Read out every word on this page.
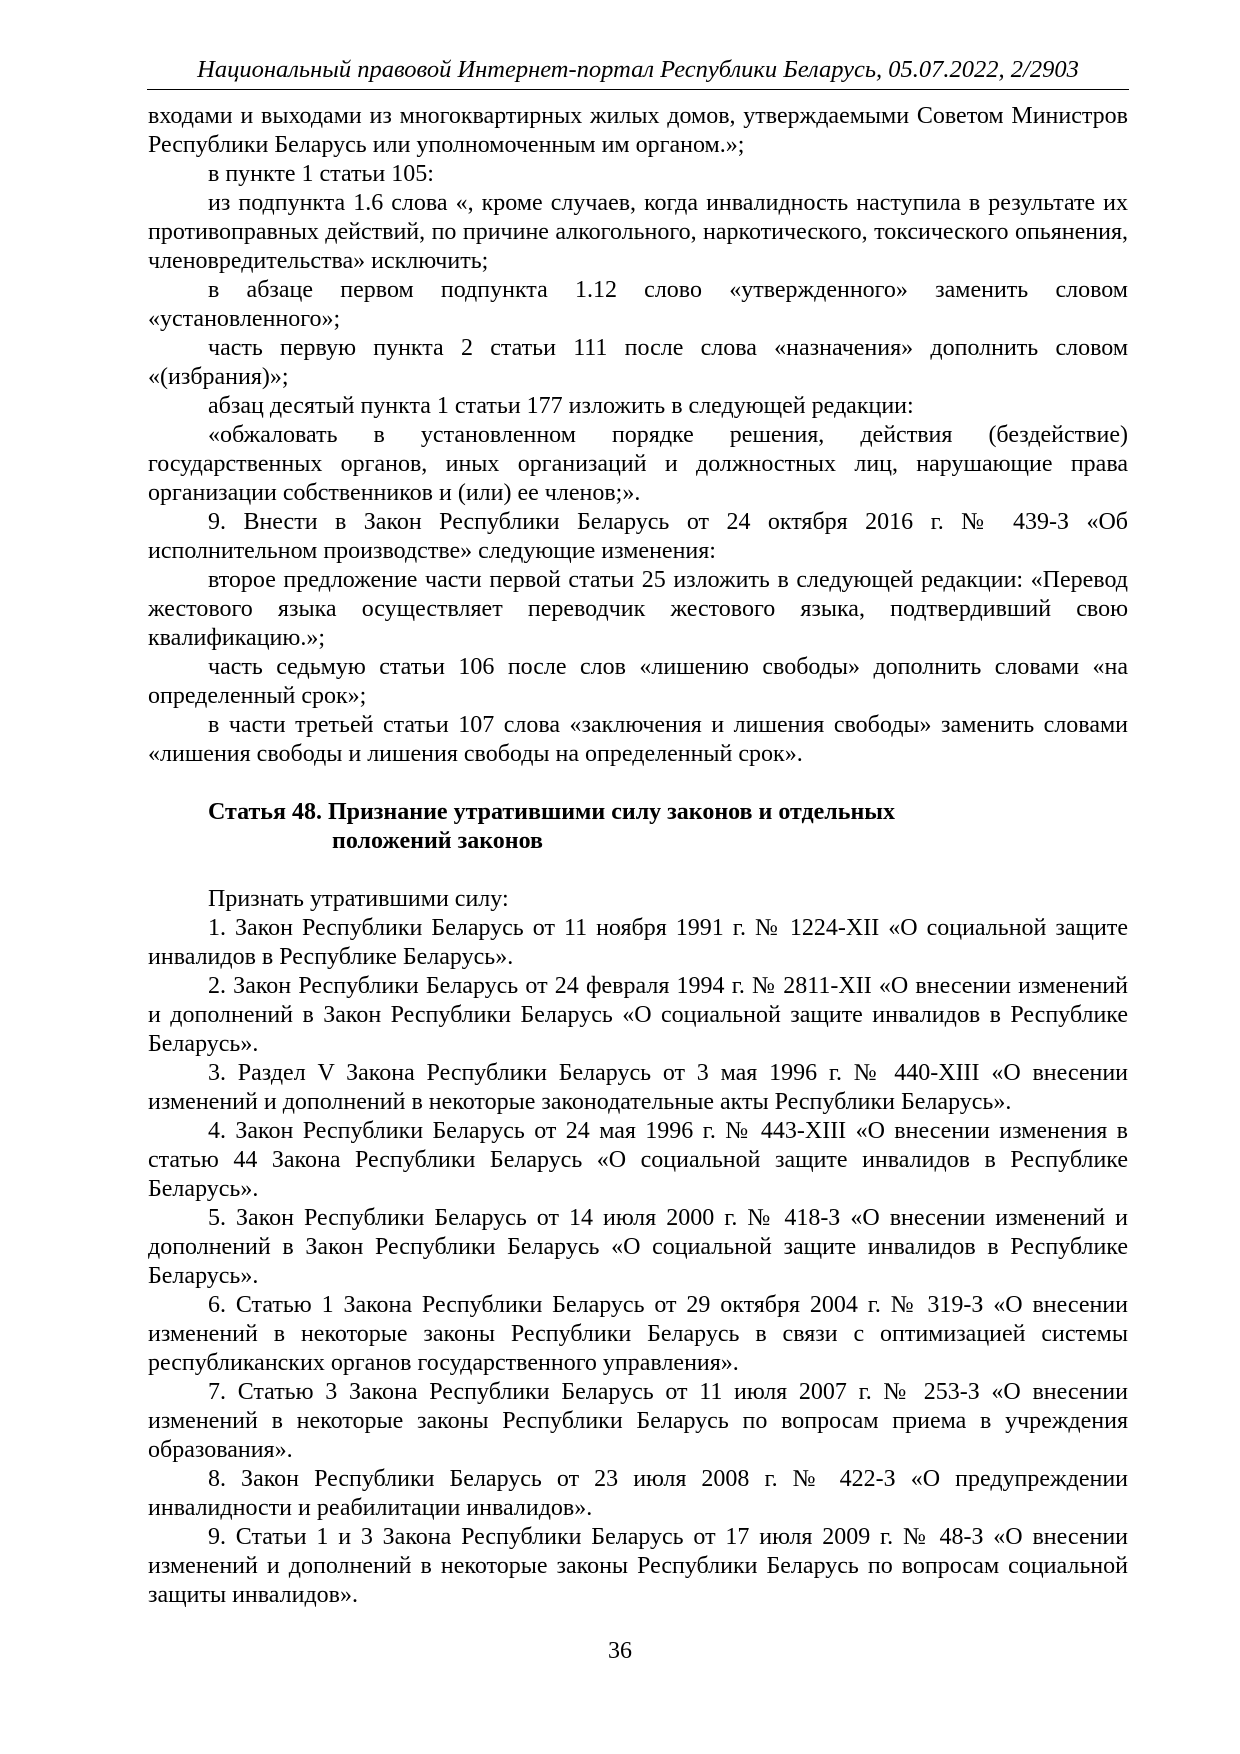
Национальный правовой Интернет-портал Республики Беларусь, 05.07.2022, 2/2903

входами и выходами из многоквартирных жилых домов, утверждаемыми Советом Министров Республики Беларусь или уполномоченным им органом.»;

в пункте 1 статьи 105:

из подпункта 1.6 слова «, кроме случаев, когда инвалидность наступила в результате их противоправных действий, по причине алкогольного, наркотического, токсического опьянения, членовредительства» исключить;

в абзаце первом подпункта 1.12 слово «утвержденного» заменить словом «установленного»;

часть первую пункта 2 статьи 111 после слова «назначения» дополнить словом «(избрания)»;

абзац десятый пункта 1 статьи 177 изложить в следующей редакции:

«обжаловать в установленном порядке решения, действия (бездействие) государственных органов, иных организаций и должностных лиц, нарушающие права организации собственников и (или) ее членов;».

9. Внести в Закон Республики Беларусь от 24 октября 2016 г. № 439-З «Об исполнительном производстве» следующие изменения:

второе предложение части первой статьи 25 изложить в следующей редакции: «Перевод жестового языка осуществляет переводчик жестового языка, подтвердивший свою квалификацию.»;

часть седьмую статьи 106 после слов «лишению свободы» дополнить словами «на определенный срок»;

в части третьей статьи 107 слова «заключения и лишения свободы» заменить словами «лишения свободы и лишения свободы на определенный срок».

Статья 48. Признание утратившими силу законов и отдельных
положений законов

Признать утратившими силу:

1. Закон Республики Беларусь от 11 ноября 1991 г. № 1224-XII «О социальной защите инвалидов в Республике Беларусь».

2. Закон Республики Беларусь от 24 февраля 1994 г. № 2811-XII «О внесении изменений и дополнений в Закон Республики Беларусь «О социальной защите инвалидов в Республике Беларусь».

3. Раздел V Закона Республики Беларусь от 3 мая 1996 г. № 440-XIII «О внесении изменений и дополнений в некоторые законодательные акты Республики Беларусь».

4. Закон Республики Беларусь от 24 мая 1996 г. № 443-XIII «О внесении изменения в статью 44 Закона Республики Беларусь «О социальной защите инвалидов в Республике Беларусь».

5. Закон Республики Беларусь от 14 июля 2000 г. № 418-З «О внесении изменений и дополнений в Закон Республики Беларусь «О социальной защите инвалидов в Республике Беларусь».

6. Статью 1 Закона Республики Беларусь от 29 октября 2004 г. № 319-З «О внесении изменений в некоторые законы Республики Беларусь в связи с оптимизацией системы республиканских органов государственного управления».

7. Статью 3 Закона Республики Беларусь от 11 июля 2007 г. № 253-З «О внесении изменений в некоторые законы Республики Беларусь по вопросам приема в учреждения образования».

8. Закон Республики Беларусь от 23 июля 2008 г. № 422-З «О предупреждении инвалидности и реабилитации инвалидов».

9. Статьи 1 и 3 Закона Республики Беларусь от 17 июля 2009 г. № 48-З «О внесении изменений и дополнений в некоторые законы Республики Беларусь по вопросам социальной защиты инвалидов».

36
